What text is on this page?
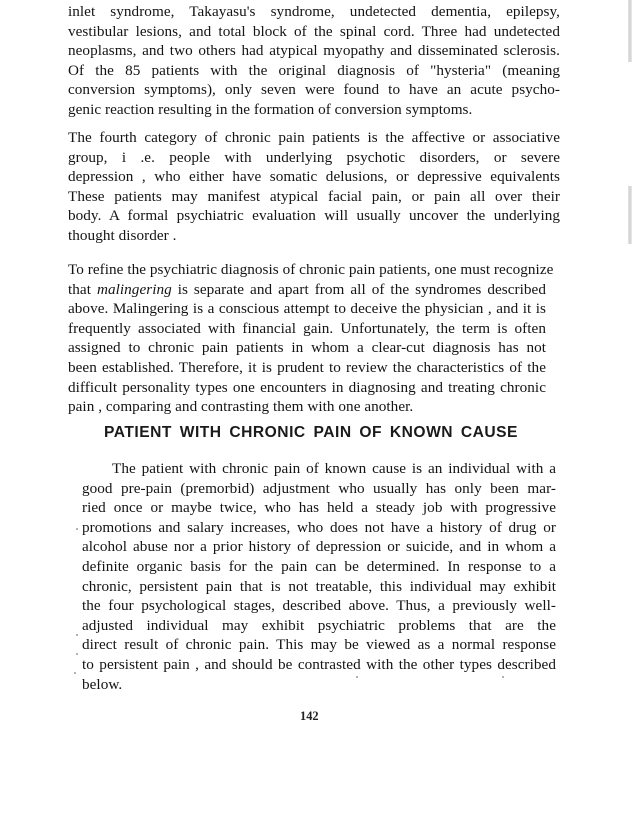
inlet syndrome, Takayasu's syndrome, undetected dementia, epilepsy,
vestibular lesions, and total block of the spinal cord. Three had undetected
neoplasms, and two others had atypical myopathy and disseminated sclerosis.
Of the 85 patients with the original diagnosis of "hysteria" (meaning
conversion symptoms), only seven were found to have an acute psycho-
genic reaction resulting in the formation of conversion symptoms.
The fourth category of chronic pain patients is the affective or associative
group, i .e. people with underlying psychotic disorders, or severe
depression , who either have somatic delusions, or depressive equivalents
These patients may manifest atypical facial pain, or pain all over their
body. A formal psychiatric evaluation will usually uncover the underlying
thought disorder .
To refine the psychiatric diagnosis of chronic pain patients, one must recognize
that malingering is separate and apart from all of the syndromes described
above. Malingering is a conscious attempt to deceive the physician , and it is
frequently associated with financial gain. Unfortunately, the term is often
assigned to chronic pain patients in whom a clear-cut diagnosis has not
been established. Therefore, it is prudent to review the characteristics of the
difficult personality types one encounters in diagnosing and treating chronic
pain , comparing and contrasting them with one another.
PATIENT WITH CHRONIC PAIN OF KNOWN CAUSE
The patient with chronic pain of known cause is an individual with a
good pre-pain (premorbid) adjustment who usually has only been mar-
ried once or maybe twice, who has held a steady job with progressive
promotions and salary increases, who does not have a history of drug or
alcohol abuse nor a prior history of depression or suicide, and in whom a
definite organic basis for the pain can be determined. In response to a
chronic, persistent pain that is not treatable, this individual may exhibit
the four psychological stages, described above. Thus, a previously well-
adjusted individual may exhibit psychiatric problems that are the
direct result of chronic pain. This may be viewed as a normal response
to persistent pain , and should be contrasted with the other types described
below.
142
